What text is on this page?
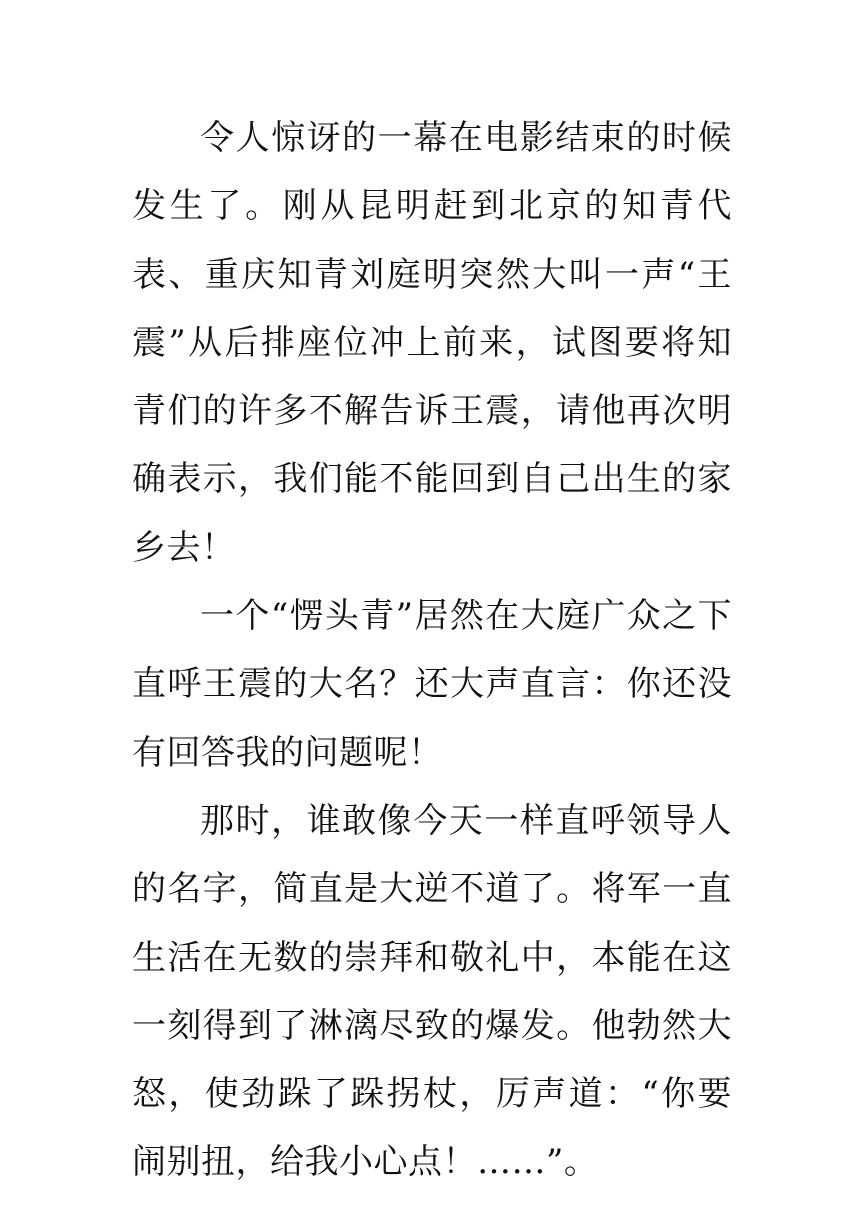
令人惊讶的一幕在电影结束的时候发生了。刚从昆明赶到北京的知青代表、重庆知青刘庭明突然大叫一声“王震”从后排座位冲上前来，试图要将知青们的许多不解告诉王震，请他再次明确表示，我们能不能回到自己出生的家乡去！

一个“愣头青”居然在大庭广众之下直呼王震的大名？还大声直言：你还没有回答我的问题呢！

那时，谁敢像今天一样直呼领导人的名字，简直是大逆不道了。将军一直生活在无数的崇拜和敬礼中，本能在这一刻得到了淋漓尽致的爆发。他勃然大怒，使劲跺了跺拐杖，厉声道：“你要闹别扭，给我小心点！……”。
